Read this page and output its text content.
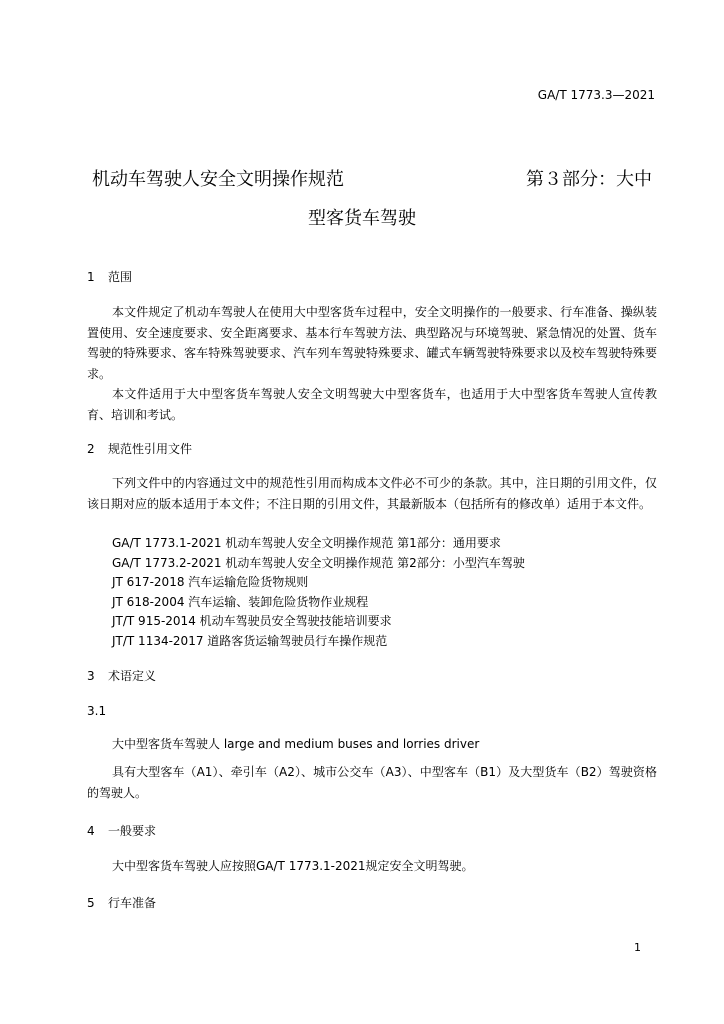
GA/T 1773.3—2021
机动车驾驶人安全文明操作规范	第３部分：大中
型客货车驾驶
1 范围
本文件规定了机动车驾驶人在使用大中型客货车过程中，安全文明操作的一般要求、行车准备、操纵装置使用、安全速度要求、安全距离要求、基本行车驾驶方法、典型路况与环境驾驶、紧急情况的处置、货车驾驶的特殊要求、客车特殊驾驶要求、汽车列车驾驶特殊要求、罐式车辆驾驶特殊要求以及校车驾驶特殊要求。
本文件适用于大中型客货车驾驶人安全文明驾驶大中型客货车，也适用于大中型客货车驾驶人宣传教育、培训和考试。
2 规范性引用文件
下列文件中的内容通过文中的规范性引用而构成本文件必不可少的条款。其中，注日期的引用文件，仅该日期对应的版本适用于本文件；不注日期的引用文件，其最新版本（包括所有的修改单）适用于本文件。
GA/T 1773.1-2021 机动车驾驶人安全文明操作规范 第1部分：通用要求
GA/T 1773.2-2021 机动车驾驶人安全文明操作规范 第2部分：小型汽车驾驶
JT 617-2018 汽车运输危险货物规则
JT 618-2004 汽车运输、装卸危险货物作业规程
JT/T 915-2014 机动车驾驶员安全驾驶技能培训要求
JT/T 1134-2017 道路客货运输驾驶员行车操作规范
3 术语定义
3.1
大中型客货车驾驶人 large and medium buses and lorries driver
具有大型客车（A1）、牵引车（A2）、城市公交车（A3）、中型客车（B1）及大型货车（B2）驾驶资格的驾驶人。
4 一般要求
大中型客货车驾驶人应按照GA/T 1773.1-2021规定安全文明驾驶。
5 行车准备
1
